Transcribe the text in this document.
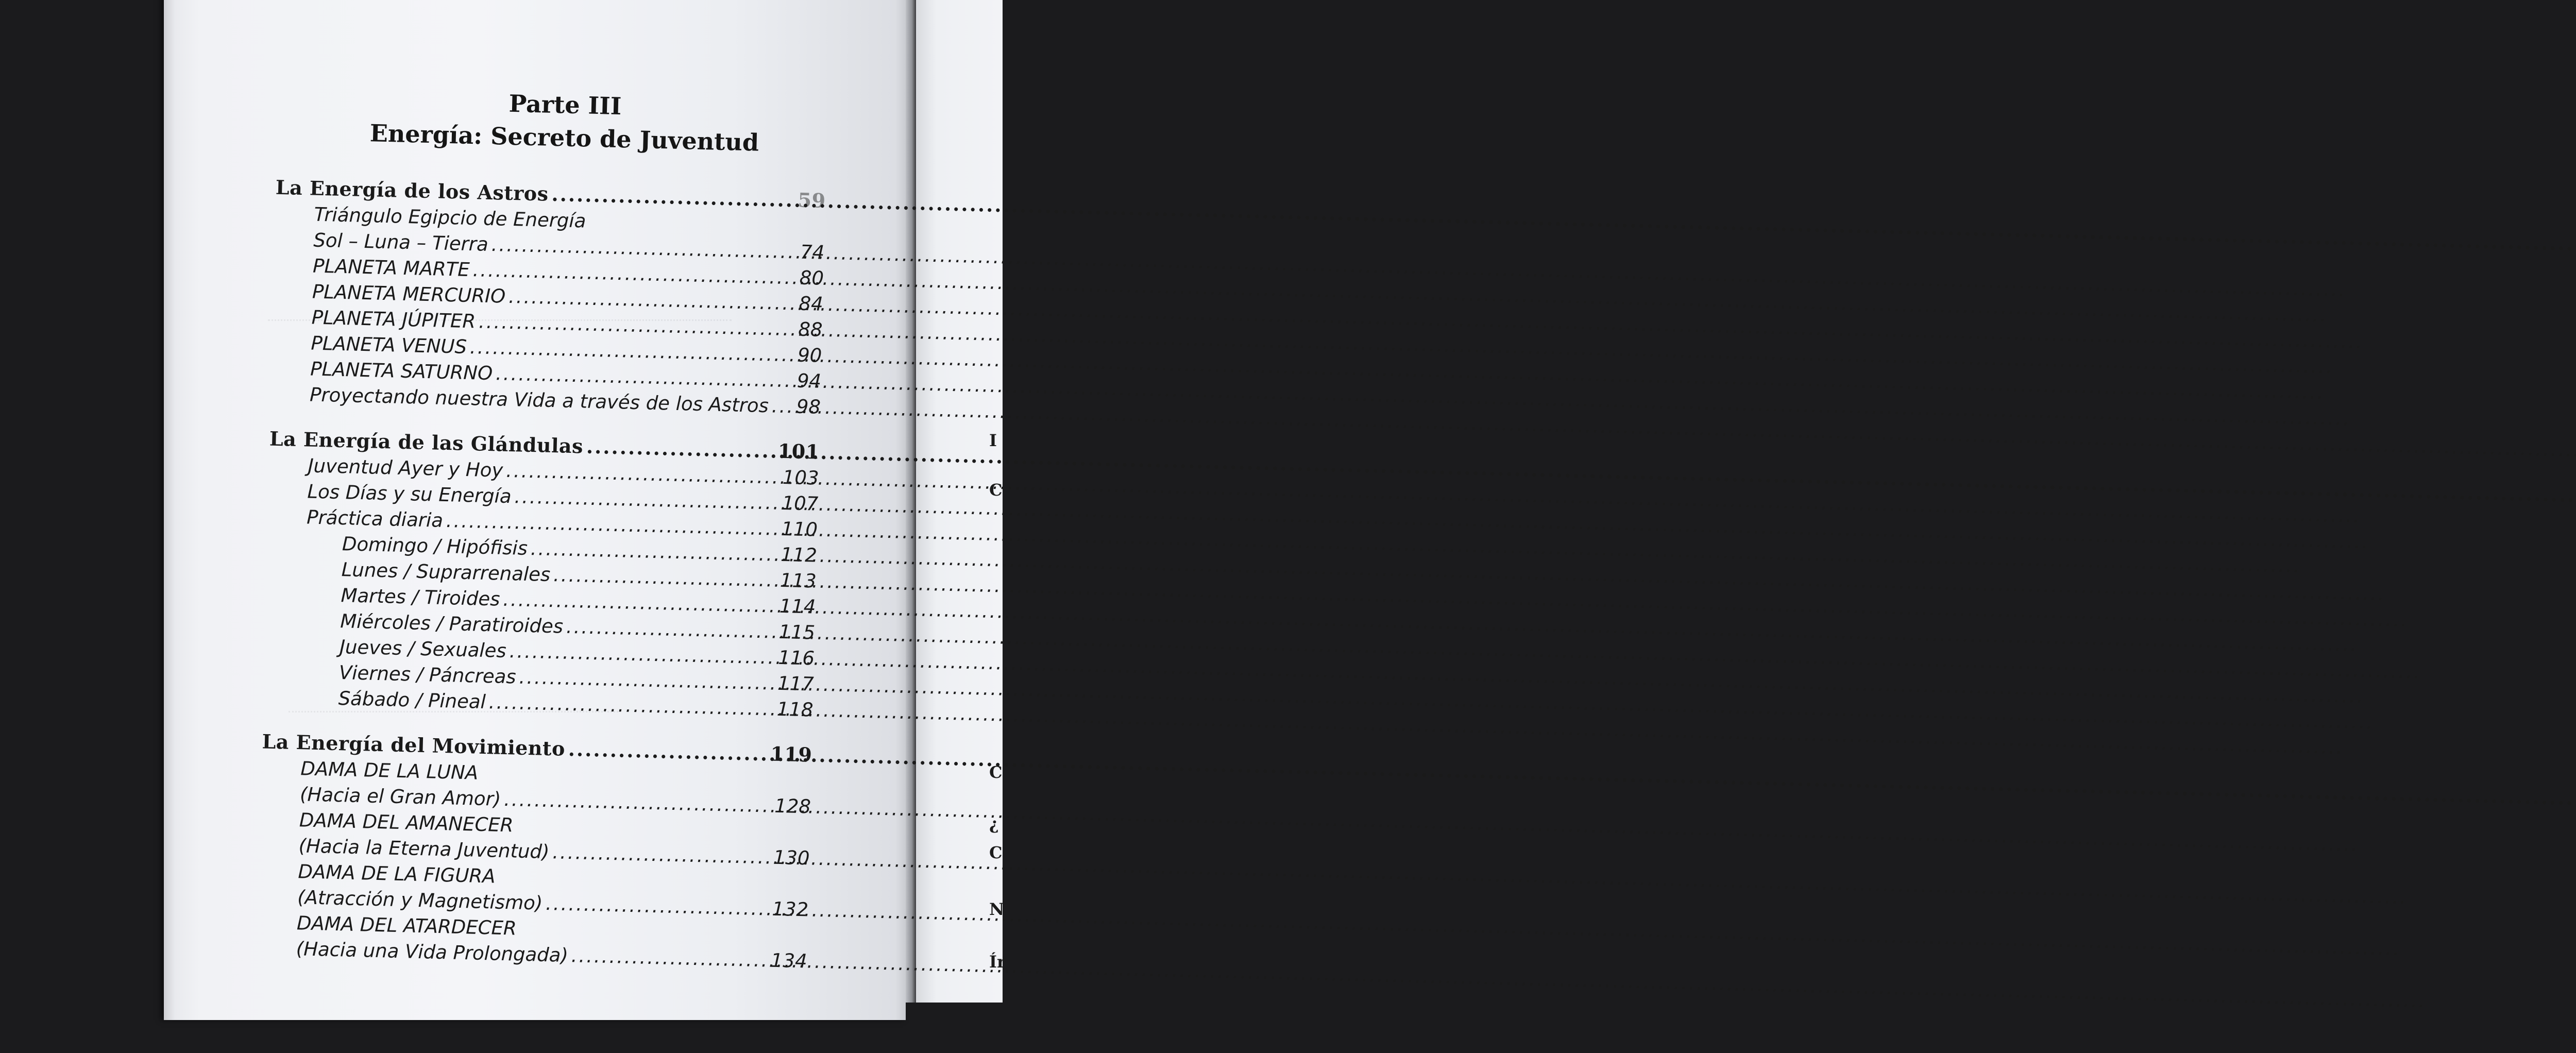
I
C
C
¿
C
N
Ír
Parte III
Energía: Secreto de Juventud
La Energía de los Astros .....	59
Triángulo Egipcio de Energía
Sol – Luna – Tierra .....	74
PLANETA MARTE .....	80
PLANETA MERCURIO .....	84
PLANETA JÚPITER .....	88
PLANETA VENUS .....	90
PLANETA SATURNO .....	94
Proyectando nuestra Vida a través de los Astros ..... 98
La Energía de las Glándulas .....	101
Juventud Ayer y Hoy .....	103
Los Días y su Energía .....	107
Práctica diaria .....	110
Domingo / Hipófisis .....	112
Lunes / Suprarrenales .....	113
Martes / Tiroides .....	114
Miércoles / Paratiroides .....	115
Jueves / Sexuales .....	116
Viernes / Páncreas .....	117
Sábado / Pineal .....	118
La Energía del Movimiento .....	119
DAMA DE LA LUNA
(Hacia el Gran Amor) .....	128
DAMA DEL AMANECER
(Hacia la Eterna Juventud) .....	130
DAMA DE LA FIGURA
(Atracción y Magnetismo) .....	132
DAMA DEL ATARDECER
(Hacia una Vida Prolongada) .....	134
